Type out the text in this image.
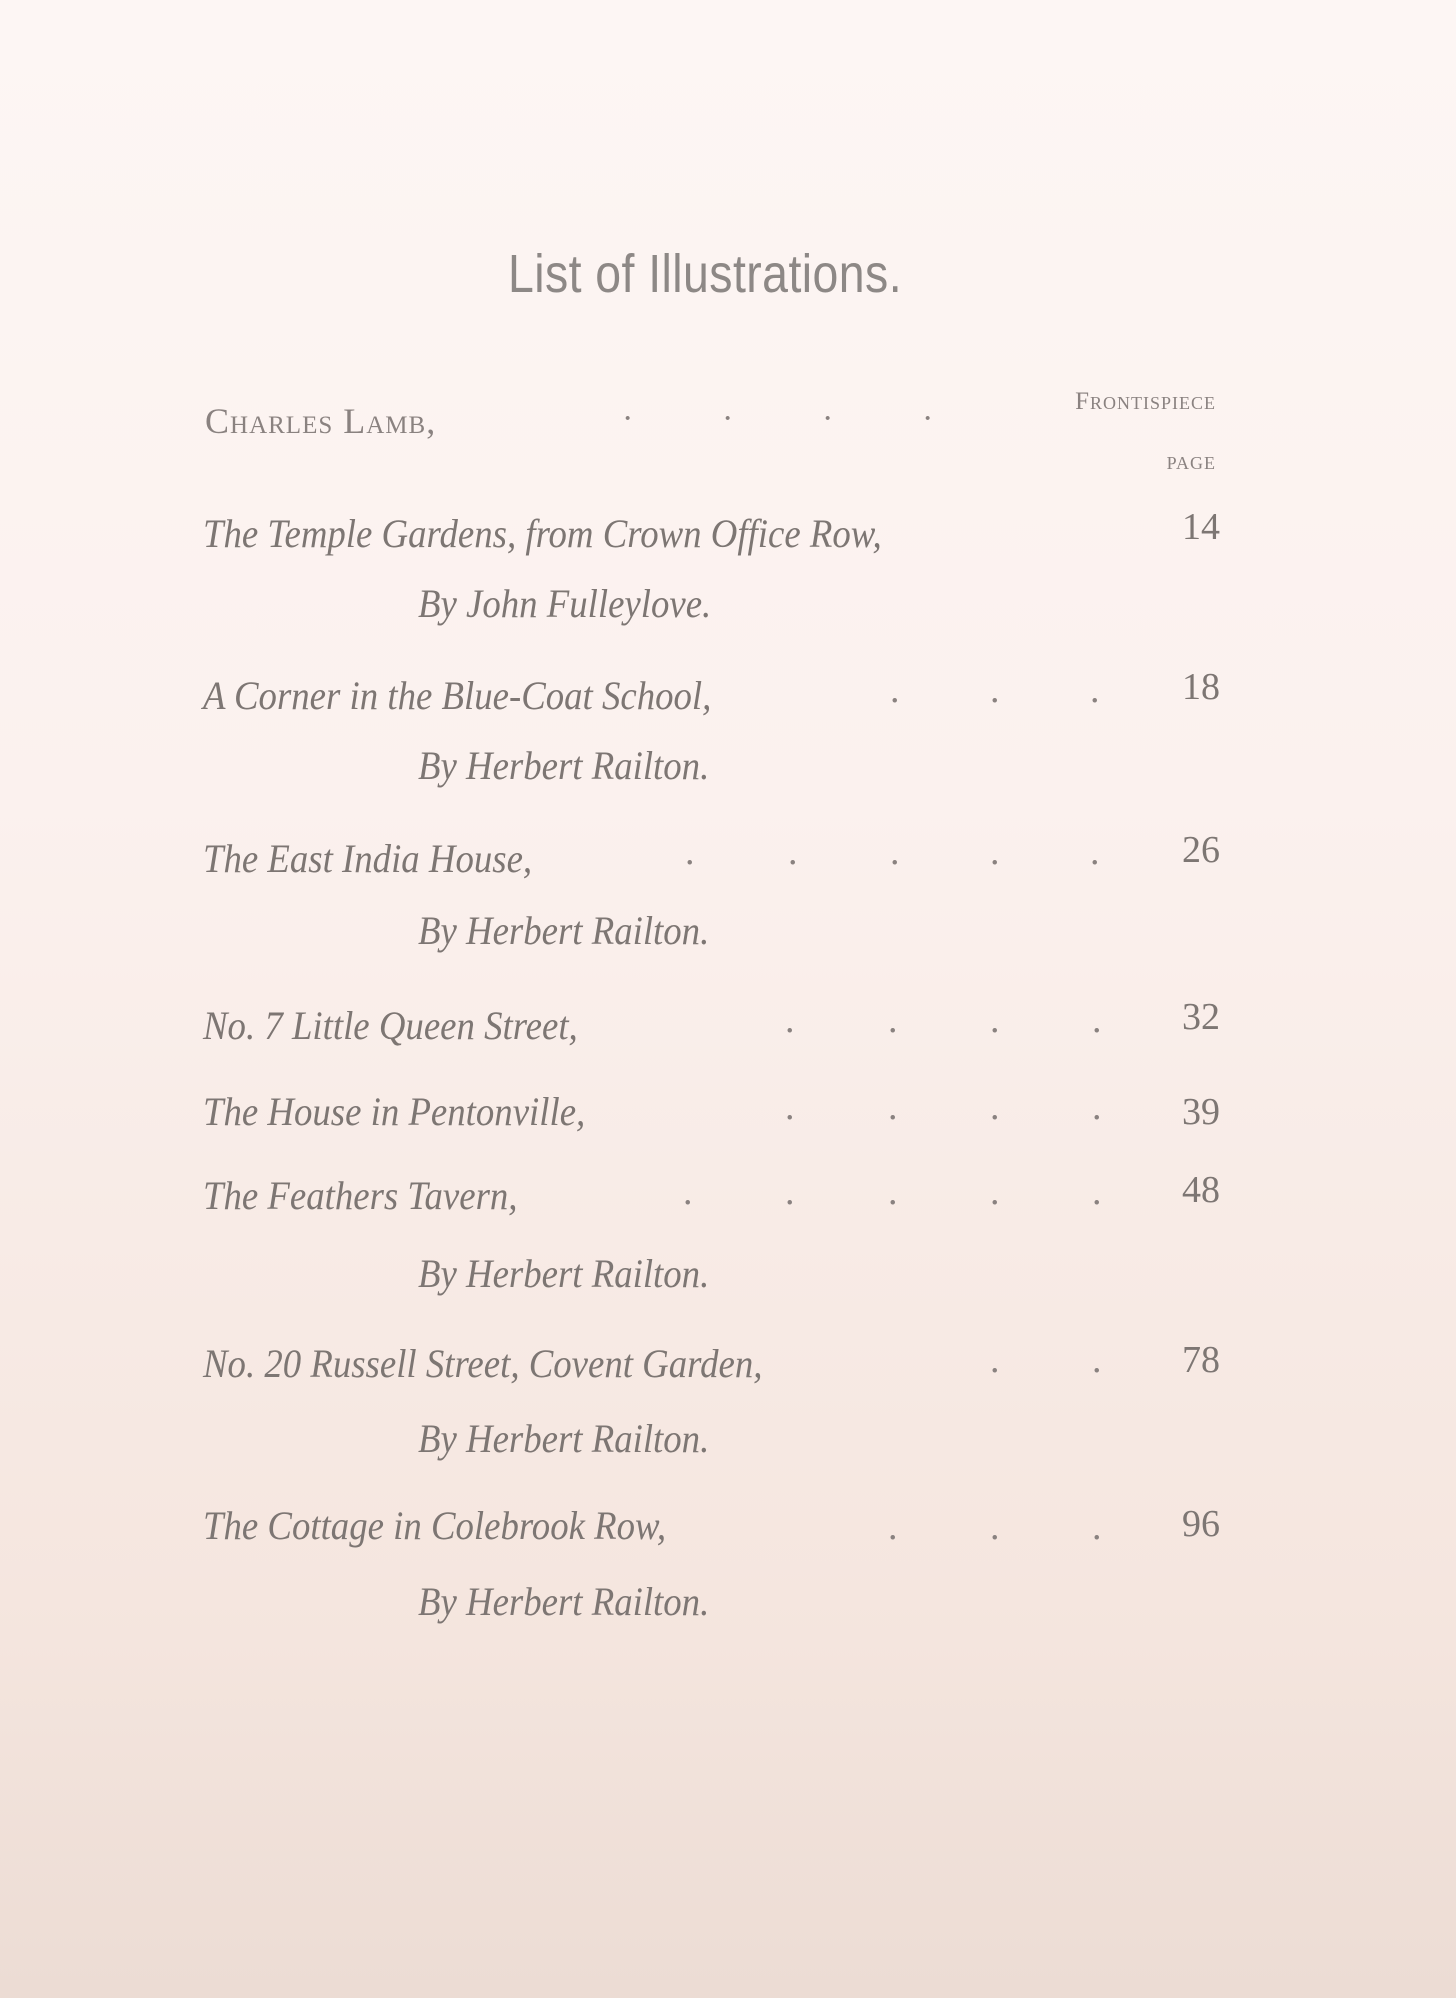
List of Illustrations.
Charles Lamb,	·	·	·	·	Frontispiece
PAGE
The Temple Gardens, from Crown Office Row,	14
By John Fulleylove.
A Corner in the Blue-Coat School,	. . . 18
By Herbert Railton.
The East India House,	. . . . . 26
By Herbert Railton.
No. 7 Little Queen Street,	. . . . 32
The House in Pentonville,	. . . . 39
The Feathers Tavern,	. . . . . 48
By Herbert Railton.
No. 20 Russell Street, Covent Garden,	. . 78
By Herbert Railton.
The Cottage in Colebrook Row,	. . . 96
By Herbert Railton.
